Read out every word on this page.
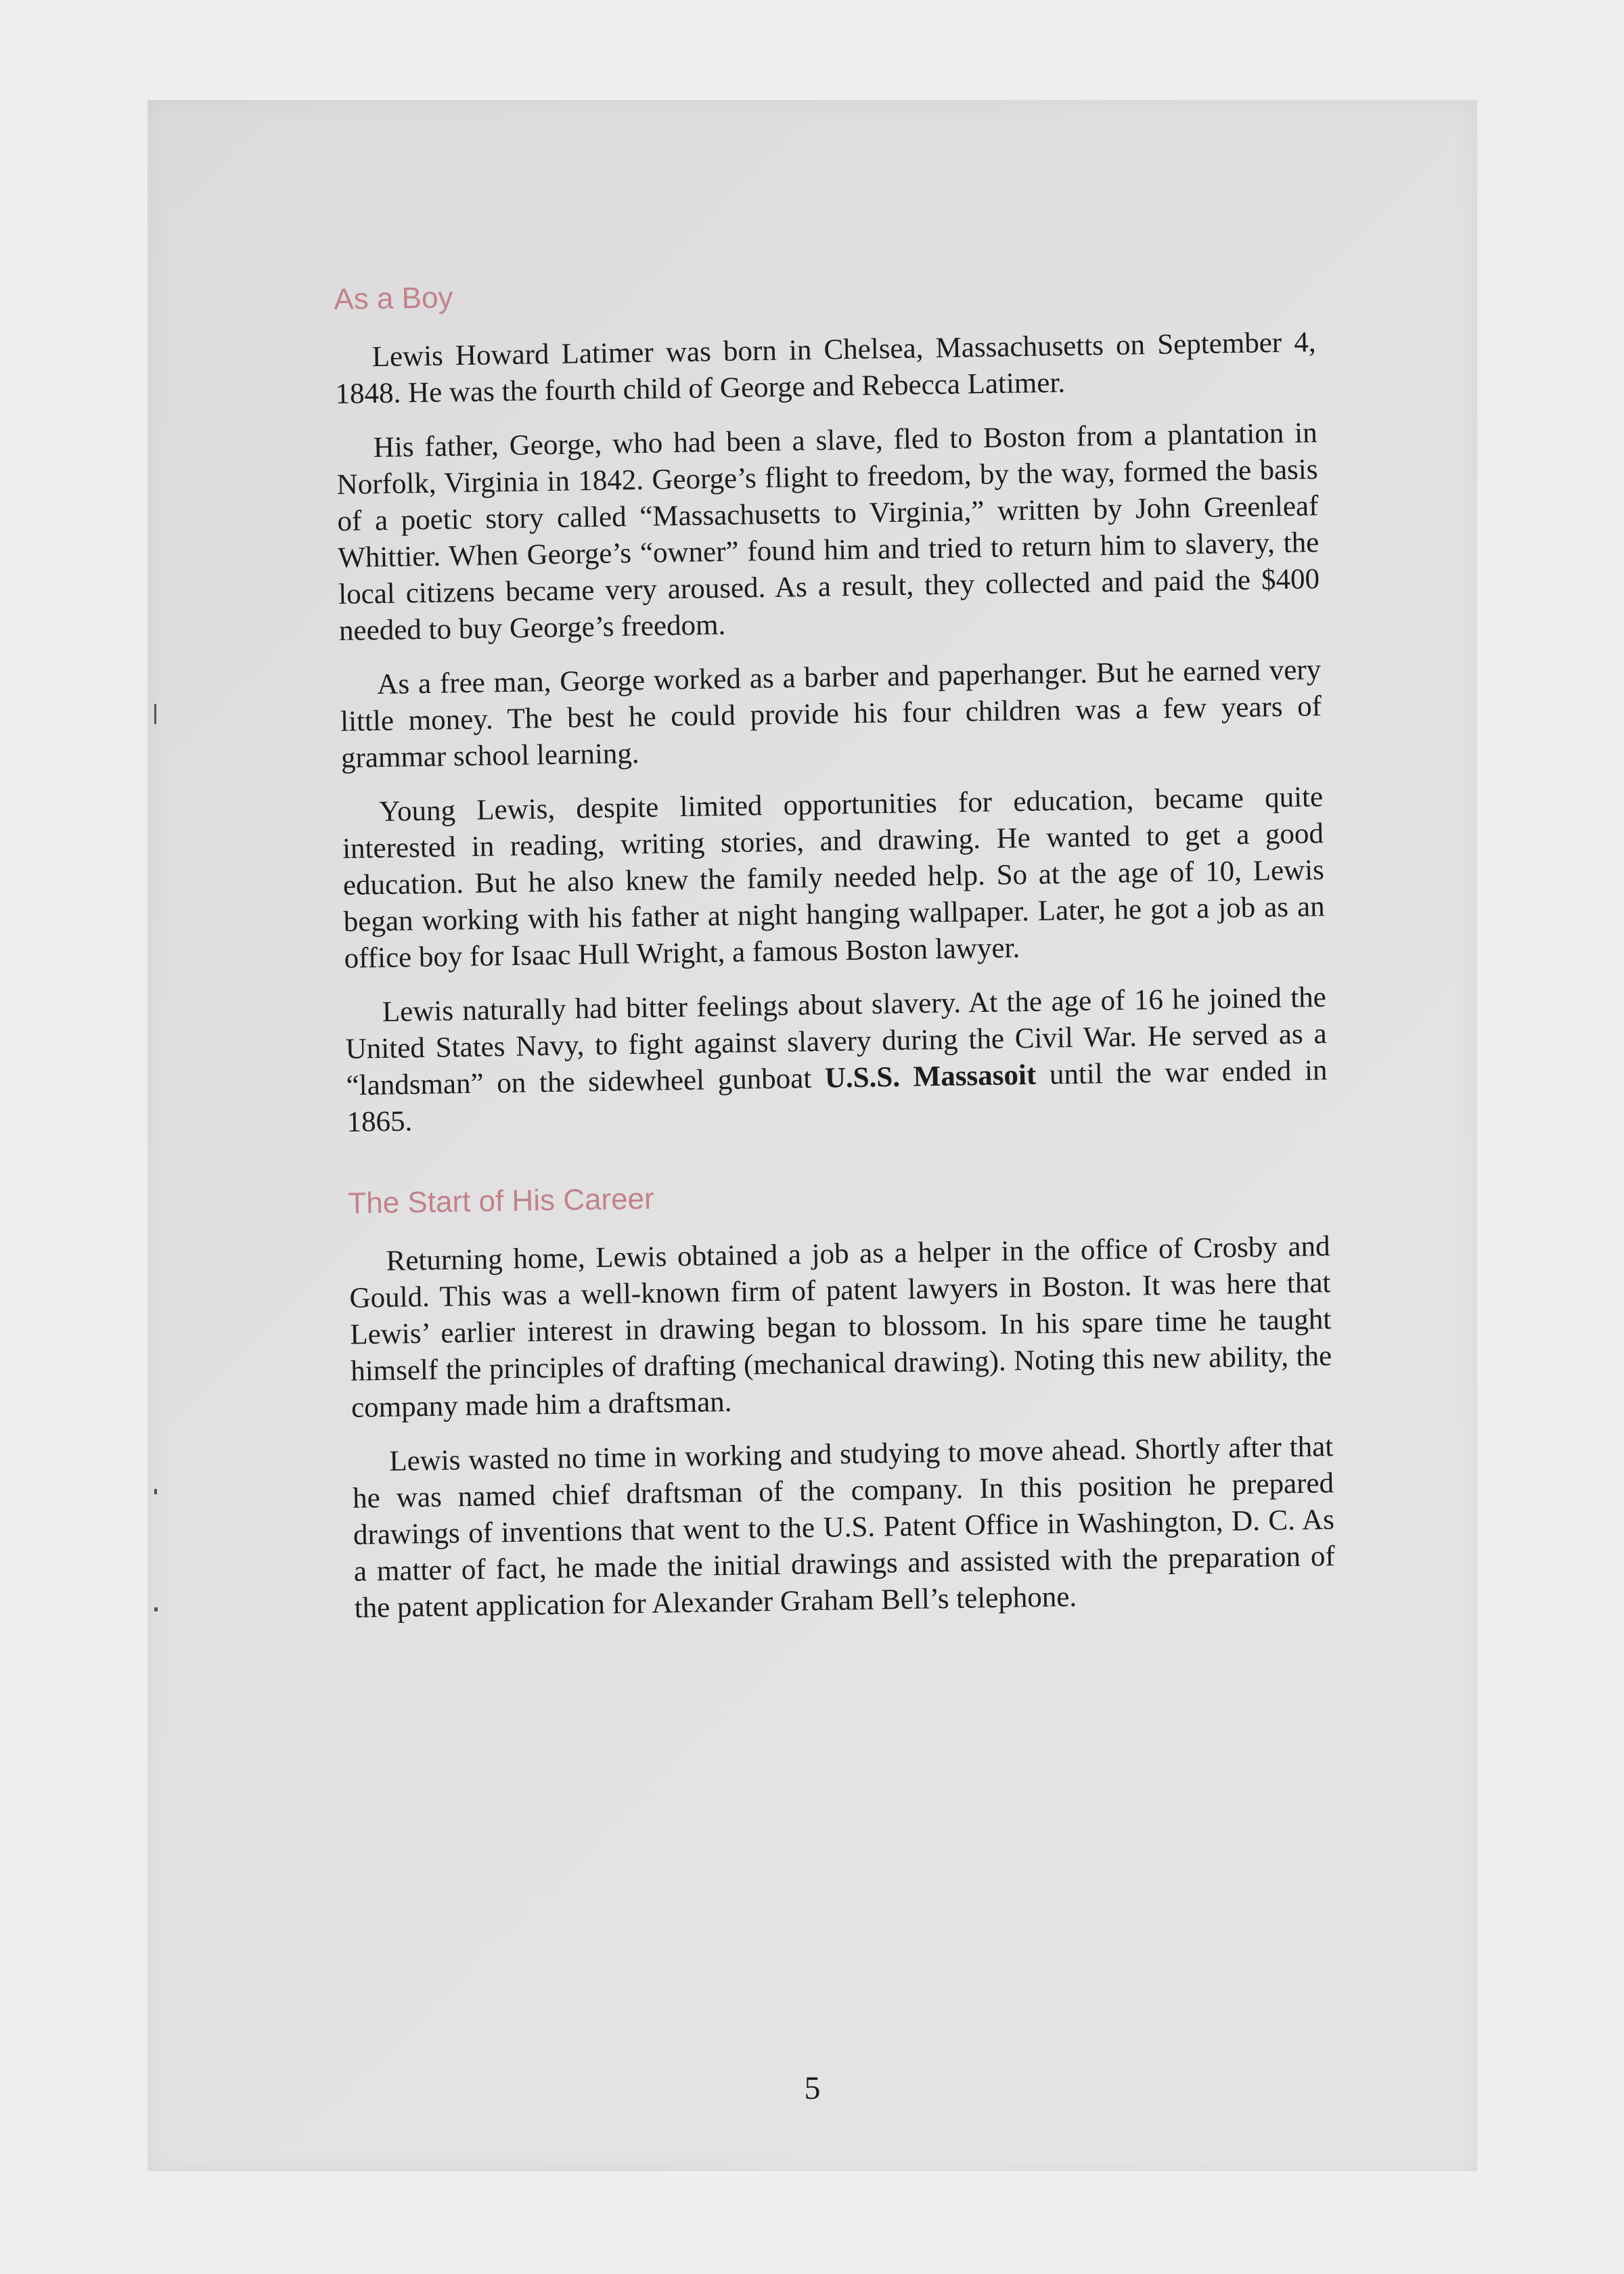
As a Boy

Lewis Howard Latimer was born in Chelsea, Massachusetts on September 4, 1848. He was the fourth child of George and Rebecca Latimer.

His father, George, who had been a slave, fled to Boston from a plantation in Norfolk, Virginia in 1842. George’s flight to freedom, by the way, formed the basis of a poetic story called “Massachusetts to Virginia,” written by John Greenleaf Whittier. When George’s “owner” found him and tried to return him to slavery, the local citizens became very aroused. As a result, they collected and paid the $400 needed to buy George’s freedom.

As a free man, George worked as a barber and paperhanger. But he earned very little money. The best he could provide his four children was a few years of grammar school learning.

Young Lewis, despite limited opportunities for education, became quite interested in reading, writing stories, and drawing. He wanted to get a good education. But he also knew the family needed help. So at the age of 10, Lewis began working with his father at night hanging wallpaper. Later, he got a job as an office boy for Isaac Hull Wright, a famous Boston lawyer.

Lewis naturally had bitter feelings about slavery. At the age of 16 he joined the United States Navy, to fight against slavery during the Civil War. He served as a “landsman” on the sidewheel gunboat U.S.S. Massasoit until the war ended in 1865.

The Start of His Career

Returning home, Lewis obtained a job as a helper in the office of Crosby and Gould. This was a well-known firm of patent lawyers in Boston. It was here that Lewis’ earlier interest in drawing began to blossom. In his spare time he taught himself the principles of drafting (mechanical drawing). Noting this new ability, the company made him a draftsman.

Lewis wasted no time in working and studying to move ahead. Shortly after that he was named chief draftsman of the company. In this position he prepared drawings of inventions that went to the U.S. Patent Office in Washington, D. C. As a matter of fact, he made the initial drawings and assisted with the preparation of the patent application for Alexander Graham Bell’s telephone.

5
